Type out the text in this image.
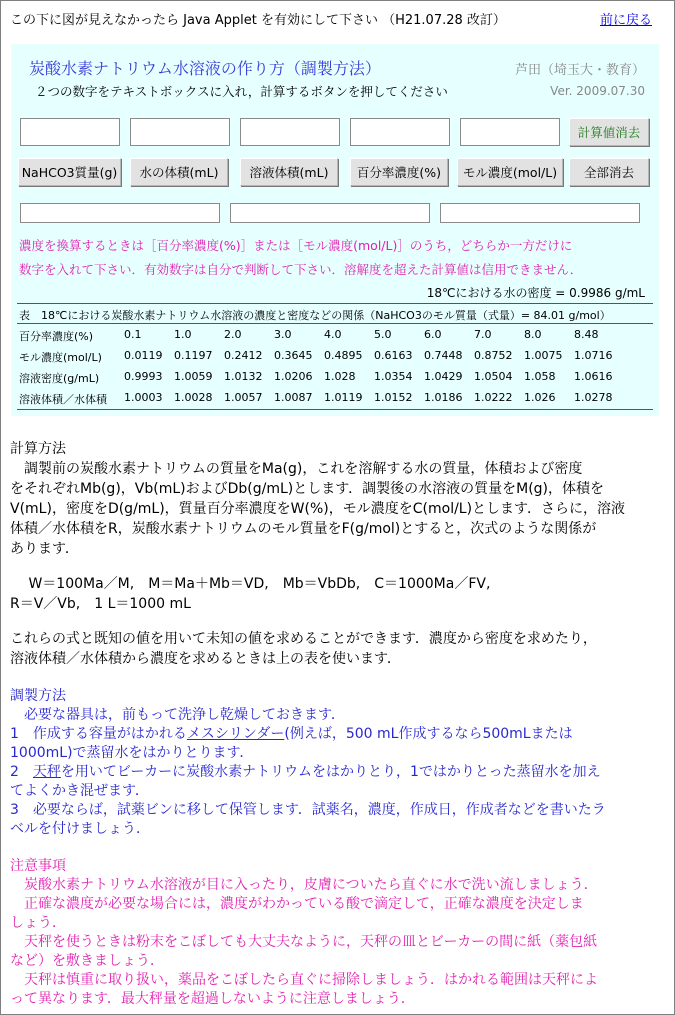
この下に図が見えなかったら Java Applet を有効にして下さい （H21.07.28 改訂）	前に戻る
炭酸水素ナトリウム水溶液の作り方（調製方法）	芦田（埼玉大・教育）
２つの数字をテキストボックスに入れ，計算するボタンを押してください	Ver. 2009.07.30
計算値消去
NaHCO3質量(g)	水の体積(mL)	溶液体積(mL)	百分率濃度(%)	モル濃度(mol/L)	全部消去
濃度を換算するときは［百分率濃度(%)］または［モル濃度(mol/L)］のうち，どちらか一方だけに
数字を入れて下さい．有効数字は自分で判断して下さい．溶解度を超えた計算値は信用できません．
18℃における水の密度 = 0.9986 g/mL
表　18℃における炭酸水素ナトリウム水溶液の濃度と密度などの関係（NaHCO3のモル質量（式量）= 84.01 g/mol）
百分率濃度(%)	0.1	1.0	2.0	3.0	4.0	5.0	6.0	7.0	8.0	8.48
モル濃度(mol/L) 0.0119 0.1197 0.2412 0.3645 0.4895 0.6163 0.7448 0.8752 1.0075 1.0716
溶液密度(g/mL) 0.9993 1.0059 1.0132 1.0206 1.028 1.0354 1.0429 1.0504 1.058 1.0616
溶液体積／水体積 1.0003 1.0028 1.0057 1.0087 1.0119 1.0152 1.0186 1.0222 1.026 1.0278
計算方法
　調製前の炭酸水素ナトリウムの質量をMa(g)，これを溶解する水の質量，体積および密度
をそれぞれMb(g)，Vb(mL)およびDb(g/mL)とします．調製後の水溶液の質量をM(g)，体積を
V(mL)，密度をD(g/mL)，質量百分率濃度をW(%)，モル濃度をC(mol/L)とします．さらに，溶液
体積／水体積をR，炭酸水素ナトリウムのモル質量をF(g/mol)とすると，次式のような関係が
あります．
　 W＝100Ma／M,　M＝Ma＋Mb＝VD,　Mb＝VbDb,　C＝1000Ma／FV,
R＝V／Vb,　1 L＝1000 mL
これらの式と既知の値を用いて未知の値を求めることができます．濃度から密度を求めたり，
溶液体積／水体積から濃度を求めるときは上の表を使います．
調製方法
　必要な器具は，前もって洗浄し乾燥しておきます．
1　作成する容量がはかれるメスシリンダー(例えば，500 mL作成するなら500mLまたは
1000mL)で蒸留水をはかりとります．
2　天秤を用いてビーカーに炭酸水素ナトリウムをはかりとり，1ではかりとった蒸留水を加え
てよくかき混ぜます．
3　必要ならば，試薬ビンに移して保管します．試薬名，濃度，作成日，作成者などを書いたラ
ベルを付けましょう．
注意事項
　炭酸水素ナトリウム水溶液が目に入ったり，皮膚についたら直ぐに水で洗い流しましょう．
　正確な濃度が必要な場合には，濃度がわかっている酸で滴定して，正確な濃度を決定しま
しょう．
　天秤を使うときは粉末をこぼしても大丈夫なように，天秤の皿とビーカーの間に紙（薬包紙
など）を敷きましょう．
　天秤は慎重に取り扱い，薬品をこぼしたら直ぐに掃除しましょう．はかれる範囲は天秤によ
って異なります．最大秤量を超過しないように注意しましょう．
